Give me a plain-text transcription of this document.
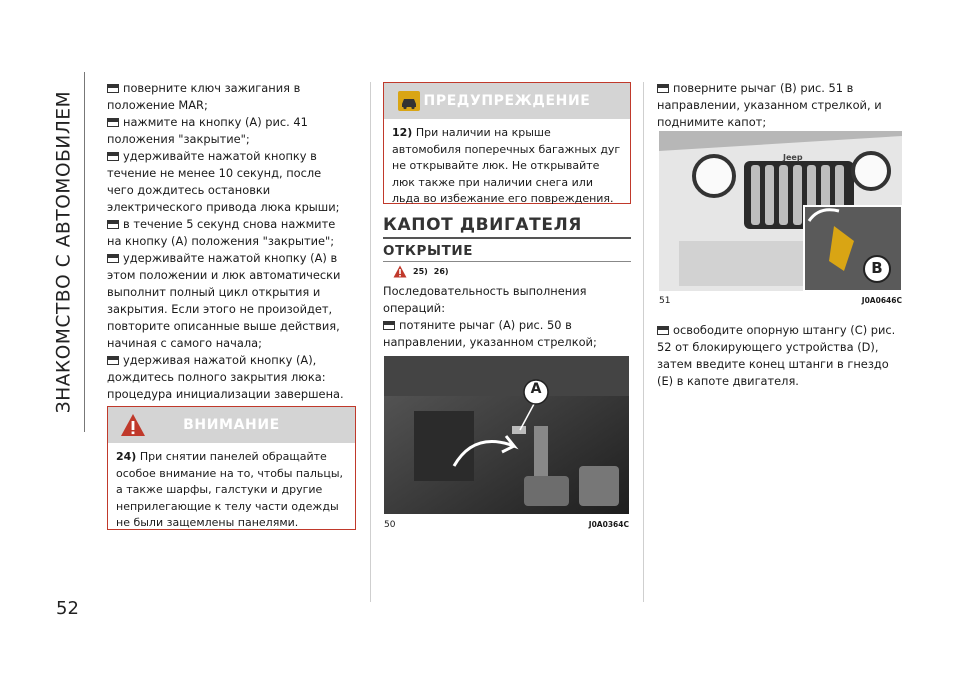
ЗНАКОМСТВО С АВТОМОБИЛЕМ
52

поверните ключ зажигания в положение MAR;

нажмите на кнопку (A) рис. 41 положения "закрытие";

удерживайте нажатой кнопку в течение не менее 10 секунд, после чего дождитесь остановки электрического привода люка крыши;

в течение 5 секунд снова нажмите на кнопку (A) положения "закрытие";

удерживайте нажатой кнопку (A) в этом положении и люк автоматически выполнит полный цикл открытия и закрытия. Если этого не произойдет, повторите описанные выше действия, начиная с самого начала;

удерживая нажатой кнопку (A), дождитесь полного закрытия люка: процедура инициализации завершена.

ВНИМАНИЕ
24) При снятии панелей обращайте особое внимание на то, чтобы пальцы, а также шарфы, галстуки и другие неприлегающие к телу части одежды не были защемлены панелями.
ПРЕДУПРЕЖДЕНИЕ
12) При наличии на крыше автомобиля поперечных багажных дуг не открывайте люк. Не открывайте люк также при наличии снега или льда во избежание его повреждения.
КАПОТ ДВИГАТЕЛЯ
ОТКРЫТИЕ
25) 26)

Последовательность выполнения операций:

потяните рычаг (A) рис. 50 в направлении, указанном стрелкой;

A
50	J0A0364C

поверните рычаг (B) рис. 51 в направлении, указанном стрелкой, и поднимите капот;

Jeep
B
51	J0A0646C

освободите опорную штангу (C) рис. 52 от блокирующего устройства (D), затем введите конец штанги в гнездо (E) в капоте двигателя.
